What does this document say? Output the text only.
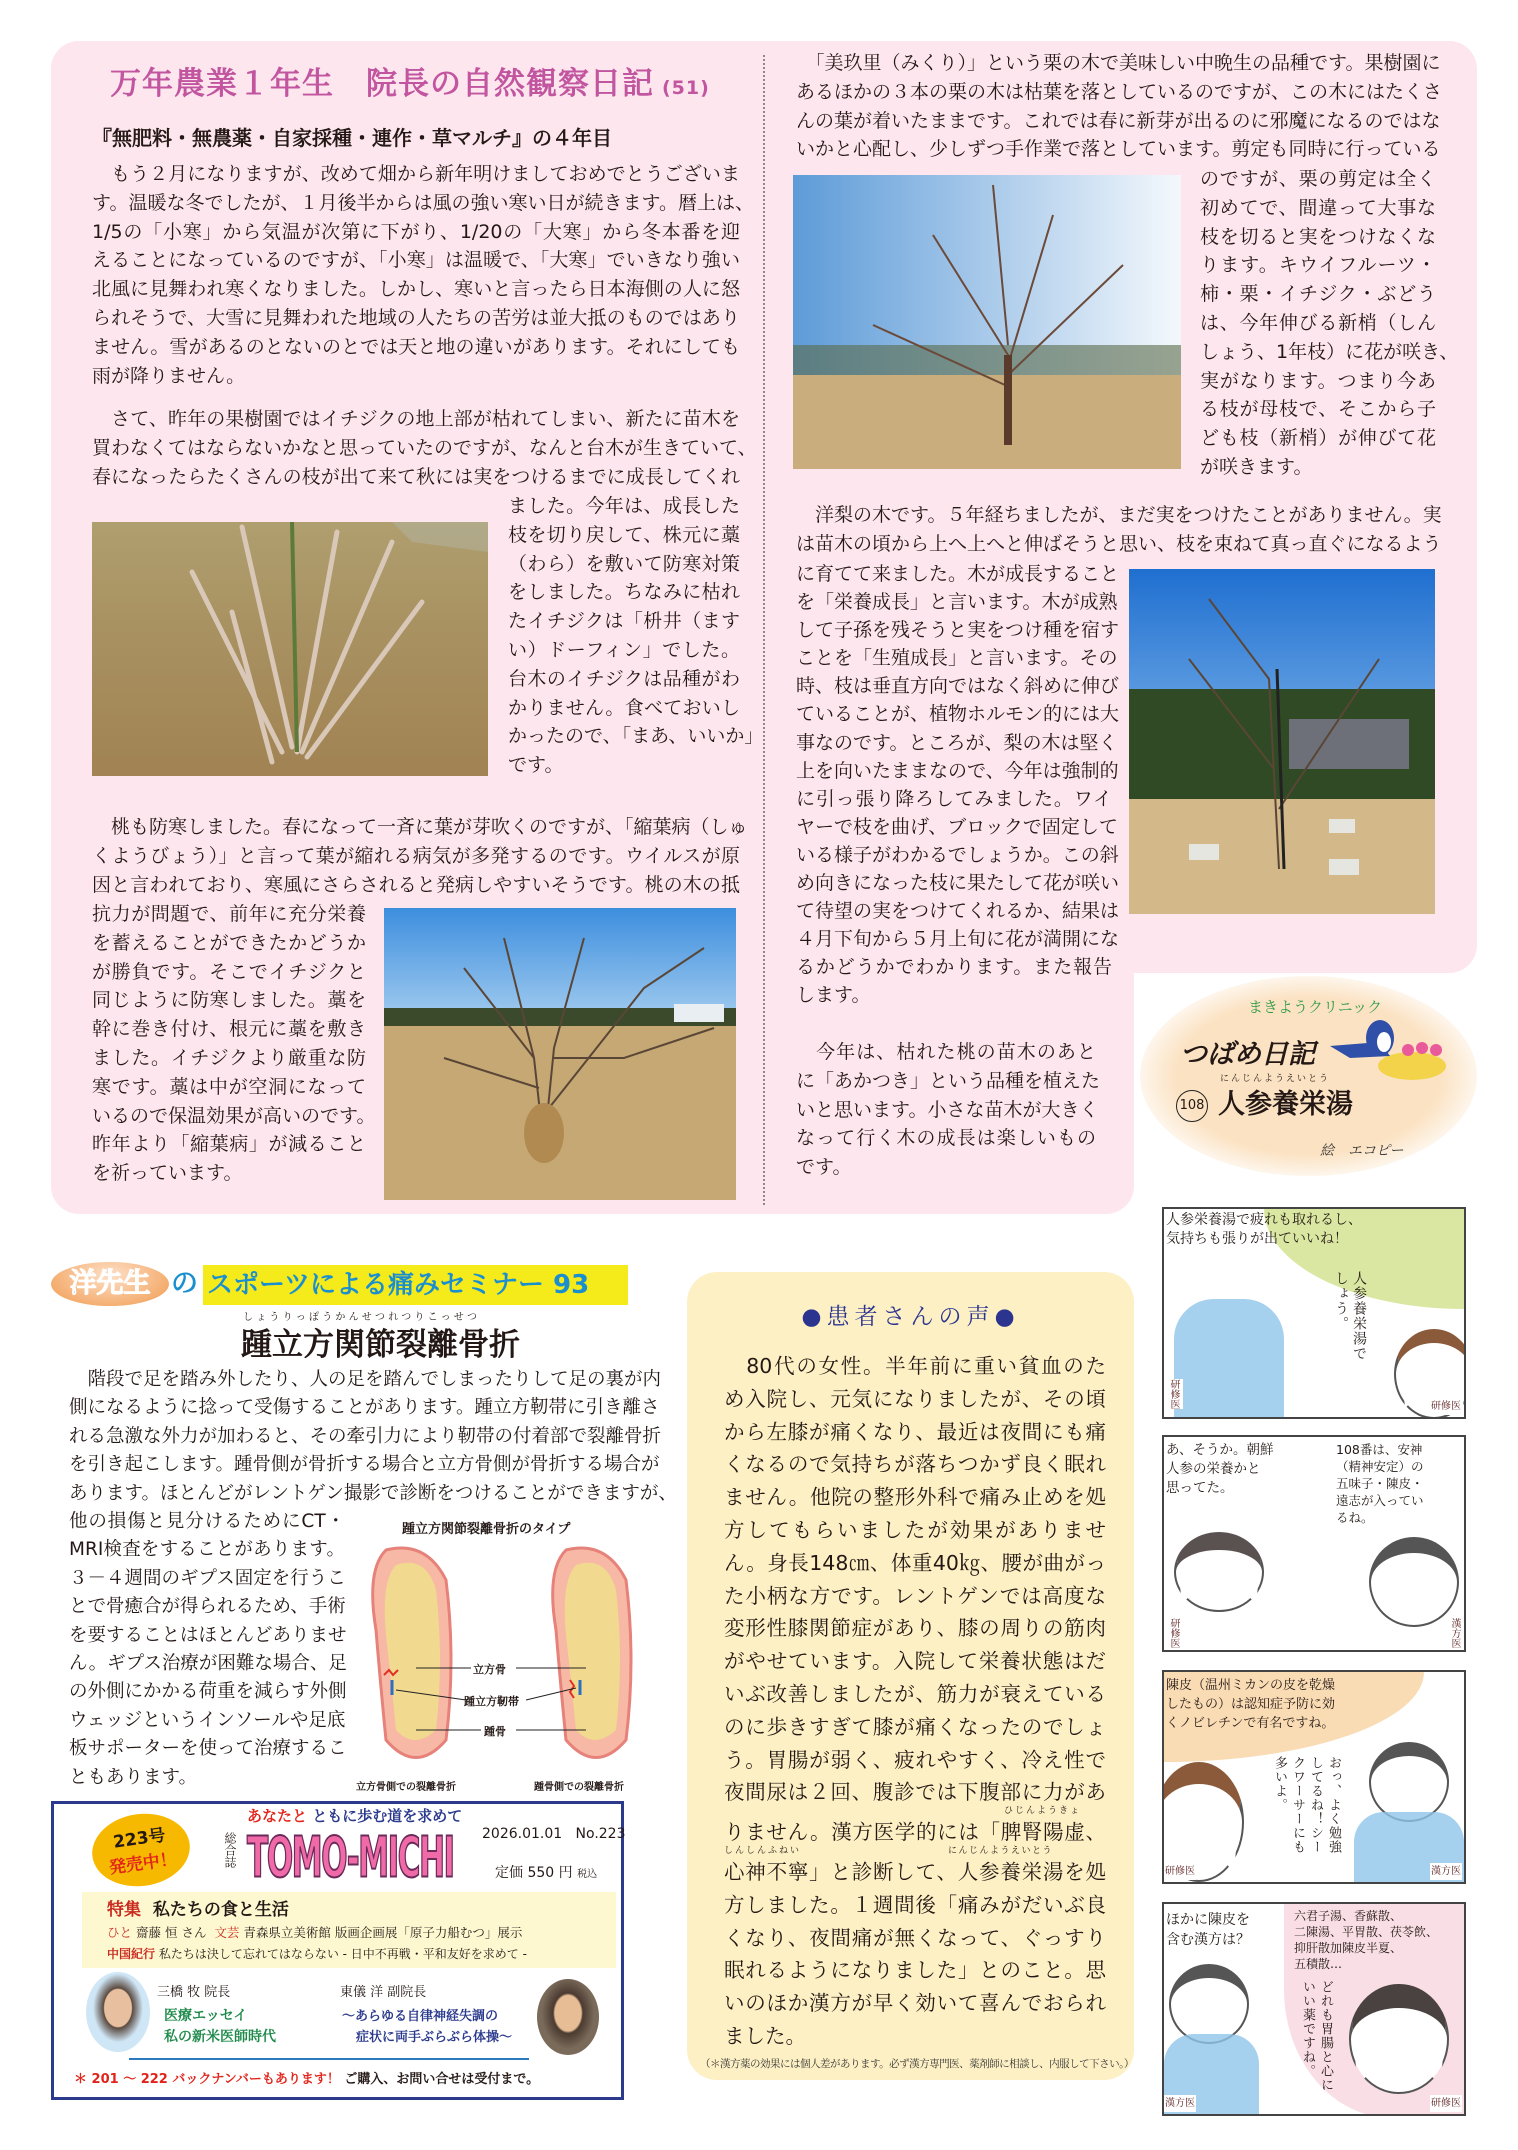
万年農業１年生　院長の自然観察日記 (51)
『無肥料・無農薬・自家採種・連作・草マルチ』の４年目
　もう２月になりますが、改めて畑から新年明けましておめでとうございま
す。温暖な冬でしたが、１月後半からは風の強い寒い日が続きます。暦上は、
1/5の「小寒」から気温が次第に下がり、1/20の「大寒」から冬本番を迎
えることになっているのですが、「小寒」は温暖で、「大寒」でいきなり強い
北風に見舞われ寒くなりました。しかし、寒いと言ったら日本海側の人に怒
られそうで、大雪に見舞われた地域の人たちの苦労は並大抵のものではあり
ません。雪があるのとないのとでは天と地の違いがあります。それにしても
雨が降りません。
　さて、昨年の果樹園ではイチジクの地上部が枯れてしまい、新たに苗木を
買わなくてはならないかなと思っていたのですが、なんと台木が生きていて、
春になったらたくさんの枝が出て来て秋には実をつけるまでに成長してくれ
ました。今年は、成長した
枝を切り戻して、株元に藁
（わら）を敷いて防寒対策
をしました。ちなみに枯れ
たイチジクは「枡井（ます
い）ドーフィン」でした。
台木のイチジクは品種がわ
かりません。食べておいし
かったので、「まあ、いいか」
です。
　桃も防寒しました。春になって一斉に葉が芽吹くのですが、「縮葉病（しゅ
くようびょう）」と言って葉が縮れる病気が多発するのです。ウイルスが原
因と言われており、寒風にさらされると発病しやすいそうです。桃の木の抵
抗力が問題で、前年に充分栄養
を蓄えることができたかどうか
が勝負です。そこでイチジクと
同じように防寒しました。藁を
幹に巻き付け、根元に藁を敷き
ました。イチジクより厳重な防
寒です。藁は中が空洞になって
いるので保温効果が高いのです。
昨年より「縮葉病」が減ること
を祈っています。
　「美玖里（みくり）」という栗の木で美味しい中晩生の品種です。果樹園に
あるほかの３本の栗の木は枯葉を落としているのですが、この木にはたくさ
んの葉が着いたままです。これでは春に新芽が出るのに邪魔になるのではな
いかと心配し、少しずつ手作業で落としています。剪定も同時に行っている
のですが、栗の剪定は全く
初めてで、間違って大事な
枝を切ると実をつけなくな
ります。キウイフルーツ・
柿・栗・イチジク・ぶどう
は、今年伸びる新梢（しん
しょう、1年枝）に花が咲き、
実がなります。つまり今あ
る枝が母枝で、そこから子
ども枝（新梢）が伸びて花
が咲きます。
　洋梨の木です。５年経ちましたが、まだ実をつけたことがありません。実
は苗木の頃から上へ上へと伸ばそうと思い、枝を束ねて真っ直ぐになるよう
に育てて来ました。木が成長すること
を「栄養成長」と言います。木が成熟
して子孫を残そうと実をつけ種を宿す
ことを「生殖成長」と言います。その
時、枝は垂直方向ではなく斜めに伸び
ていることが、植物ホルモン的には大
事なのです。ところが、梨の木は堅く
上を向いたままなので、今年は強制的
に引っ張り降ろしてみました。ワイ
ヤーで枝を曲げ、ブロックで固定して
いる様子がわかるでしょうか。この斜
め向きになった枝に果たして花が咲い
て待望の実をつけてくれるか、結果は
４月下旬から５月上旬に花が満開にな
るかどうかでわかります。また報告
します。
　今年は、枯れた桃の苗木のあと
に「あかつき」という品種を植えた
いと思います。小さな苗木が大きく
なって行く木の成長は楽しいもの
です。
まきようクリニック
つばめ日記
108
にんじんようえいとう
人参養栄湯
絵　エコピー
洋先生 の スポーツによる痛みセミナー 93
しょうりっぽうかんせつれつりこっせつ
踵立方関節裂離骨折
　階段で足を踏み外したり、人の足を踏んでしまったりして足の裏が内
側になるように捻って受傷することがあります。踵立方靭帯に引き離さ
れる急激な外力が加わると、その牽引力により靭帯の付着部で裂離骨折
を引き起こします。踵骨側が骨折する場合と立方骨側が骨折する場合が
あります。ほとんどがレントゲン撮影で診断をつけることができますが、
他の損傷と見分けるためにCT・
MRI検査をすることがあります。
３－４週間のギプス固定を行うこ
とで骨癒合が得られるため、手術
を要することはほとんどありませ
ん。ギプス治療が困難な場合、足
の外側にかかる荷重を減らす外側
ウェッジというインソールや足底
板サポーターを使って治療するこ
ともあります。
踵立方関節裂離骨折のタイプ
立方骨
踵立方靭帯
踵骨
立方骨側での裂離骨折	踵骨側での裂離骨折
223号
発売中！
あなたと ともに歩む道を求めて
総合誌 TOMO-MICHI 2026.01.01 No.223
定価 550 円 税込
特集 私たちの食と生活
ひと 齋藤 恒 さん 文芸 青森県立美術館 版画企画展「原子力船むつ」展示
中国紀行 私たちは決して忘れてはならない - 日中不再戦・平和友好を求めて -
三橋 牧 院長
医療エッセイ
私の新米医師時代
東儀 洋 副院長
～あらゆる自律神経失調の
症状に両手ぶらぶら体操～
＊ 201 ～ 222 バックナンバーもあります！ ご購入、お問い合せは受付まで。
●患者さんの声●
　80代の女性。半年前に重い貧血のた
め入院し、元気になりましたが、その頃
から左膝が痛くなり、最近は夜間にも痛
くなるので気持ちが落ちつかず良く眠れ
ません。他院の整形外科で痛み止めを処
方してもらいましたが効果がありませ
ん。身長148㎝、体重40㎏、腰が曲がっ
た小柄な方です。レントゲンでは高度な
変形性膝関節症があり、膝の周りの筋肉
がやせています。入院して栄養状態はだ
いぶ改善しましたが、筋力が衰えている
のに歩きすぎて膝が痛くなったのでしょ
う。胃腸が弱く、疲れやすく、冷え性で
夜間尿は２回、腹診では下腹部に力があ
りません。漢方医学的には「脾腎陽虚、
心神不寧」と診断して、人参養栄湯を処
方しました。１週間後「痛みがだいぶ良
くなり、夜間痛が無くなって、ぐっすり
眠れるようになりました」とのこと。思
いのほか漢方が早く効いて喜んでおられ
ました。
ひじんようきょ
しんしんふねい	にんじんようえいとう
（＊漢方薬の効果には個人差があります。必ず漢方専門医、薬剤師に相談し、内服して下さい。）
人参栄養湯で疲れも取れるし、
気持ちも張りが出ていいね！
人参養栄湯で
しょう。
研修医	研修医
あ、そうか。朝鮮
人参の栄養かと
思ってた。
108番は、安神
（精神安定）の
五味子・陳皮・
遠志が入ってい
るね。
研修医	漢方医
陳皮（温州ミカンの皮を乾燥
したもの）は認知症予防に効
くノビレチンで有名ですね。
おっ、よく勉強
してるね！シー
クワーサーにも
多いよ。
研修医	漢方医
ほかに陳皮を
含む漢方は？
六君子湯、香蘇散、
二陳湯、平胃散、茯苓飲、
抑肝散加陳皮半夏、
五積散…
どれも胃腸と心に
いい薬ですね。
漢方医	研修医
